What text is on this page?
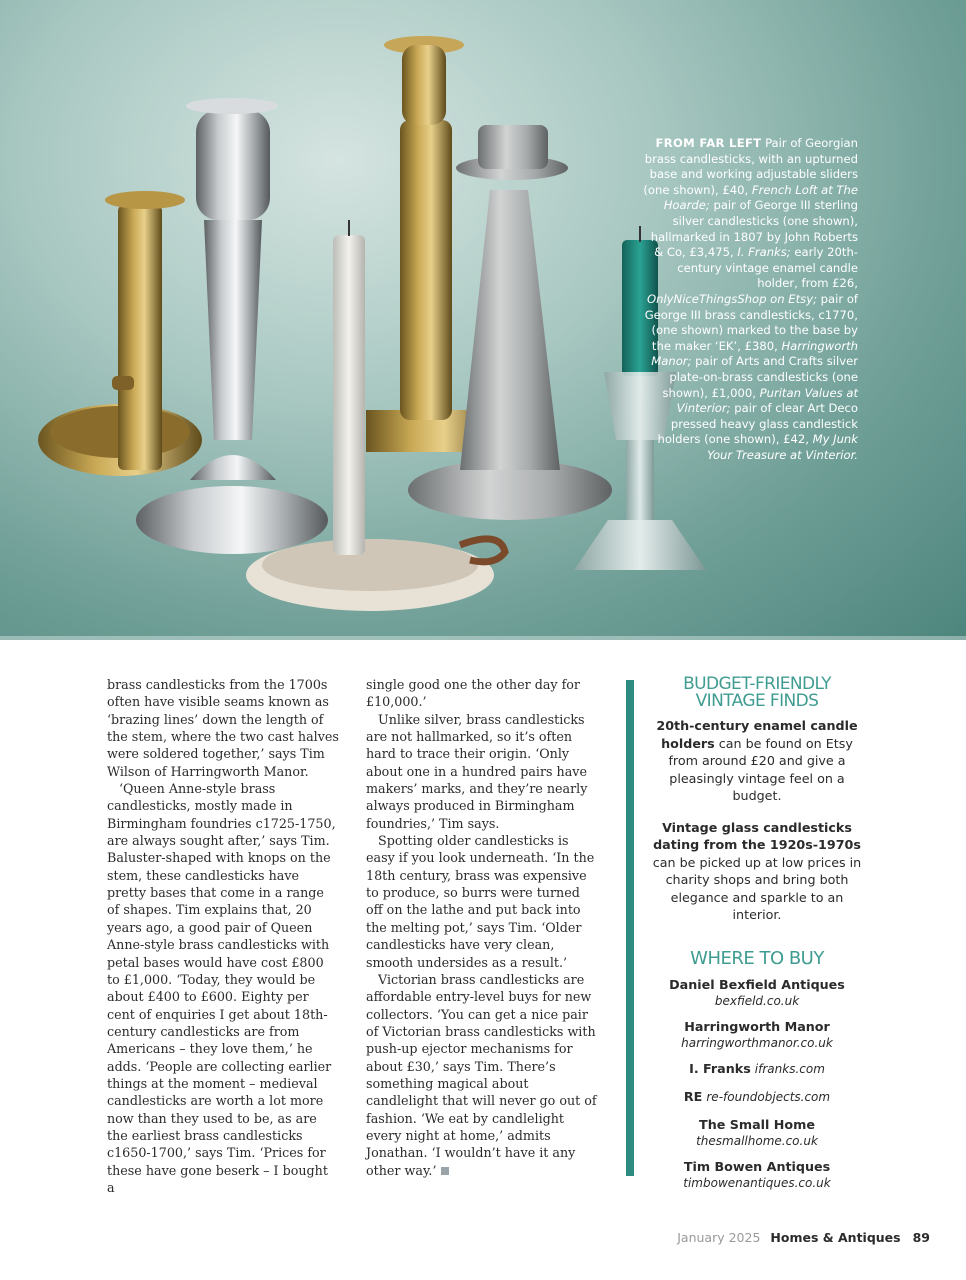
FROM FAR LEFT Pair of Georgian brass candlesticks, with an upturned base and working adjustable sliders (one shown), £40, French Loft at The Hoarde; pair of George III sterling silver candlesticks (one shown), hallmarked in 1807 by John Roberts & Co, £3,475, I. Franks; early 20th-century vintage enamel candle holder, from £26, OnlyNiceThingsShop on Etsy; pair of George III brass candlesticks, c1770, (one shown) marked to the base by the maker ‘EK’, £380, Harringworth Manor; pair of Arts and Crafts silver plate-on-brass candlesticks (one shown), £1,000, Puritan Values at Vinterior; pair of clear Art Deco pressed heavy glass candlestick holders (one shown), £42, My Junk Your Treasure at Vinterior.

brass candlesticks from the 1700s often have visible seams known as ‘brazing lines’ down the length of the stem, where the two cast halves were soldered together,’ says Tim Wilson of Harringworth Manor.

‘Queen Anne-style brass candlesticks, mostly made in Birmingham foundries c1725-1750, are always sought after,’ says Tim. Baluster-shaped with knops on the stem, these candlesticks have pretty bases that come in a range of shapes. Tim explains that, 20 years ago, a good pair of Queen Anne-style brass candlesticks with petal bases would have cost £800 to £1,000. ‘Today, they would be about £400 to £600. Eighty per cent of enquiries I get about 18th-century candlesticks are from Americans – they love them,’ he adds. ‘People are collecting earlier things at the moment – medieval candlesticks are worth a lot more now than they used to be, as are the earliest brass candlesticks c1650-1700,’ says Tim. ‘Prices for these have gone beserk – I bought a

single good one the other day for £10,000.’

Unlike silver, brass candlesticks are not hallmarked, so it’s often hard to trace their origin. ‘Only about one in a hundred pairs have makers’ marks, and they’re nearly always produced in Birmingham foundries,’ Tim says.

Spotting older candlesticks is easy if you look underneath. ‘In the 18th century, brass was expensive to produce, so burrs were turned off on the lathe and put back into the melting pot,’ says Tim. ‘Older candlesticks have very clean, smooth undersides as a result.’

Victorian brass candlesticks are affordable entry-level buys for new collectors. ‘You can get a nice pair of Victorian brass candlesticks with push-up ejector mechanisms for about £30,’ says Tim. There’s something magical about candlelight that will never go out of fashion. ‘We eat by candlelight every night at home,’ admits Jonathan. ‘I wouldn’t have it any other way.’

BUDGET-FRIENDLY
VINTAGE FINDS

20th-century enamel candle holders can be found on Etsy from around £20 and give a pleasingly vintage feel on a budget.

Vintage glass candlesticks dating from the 1920s-1970s can be picked up at low prices in charity shops and bring both elegance and sparkle to an interior.

WHERE TO BUY
Daniel Bexfield Antiques
bexfield.co.uk
Harringworth Manor
harringworthmanor.co.uk
I. Franks ifranks.com
RE re-foundobjects.com
The Small Home
thesmallhome.co.uk
Tim Bowen Antiques
timbowenantiques.co.uk
January 2025 Homes & Antiques 89
